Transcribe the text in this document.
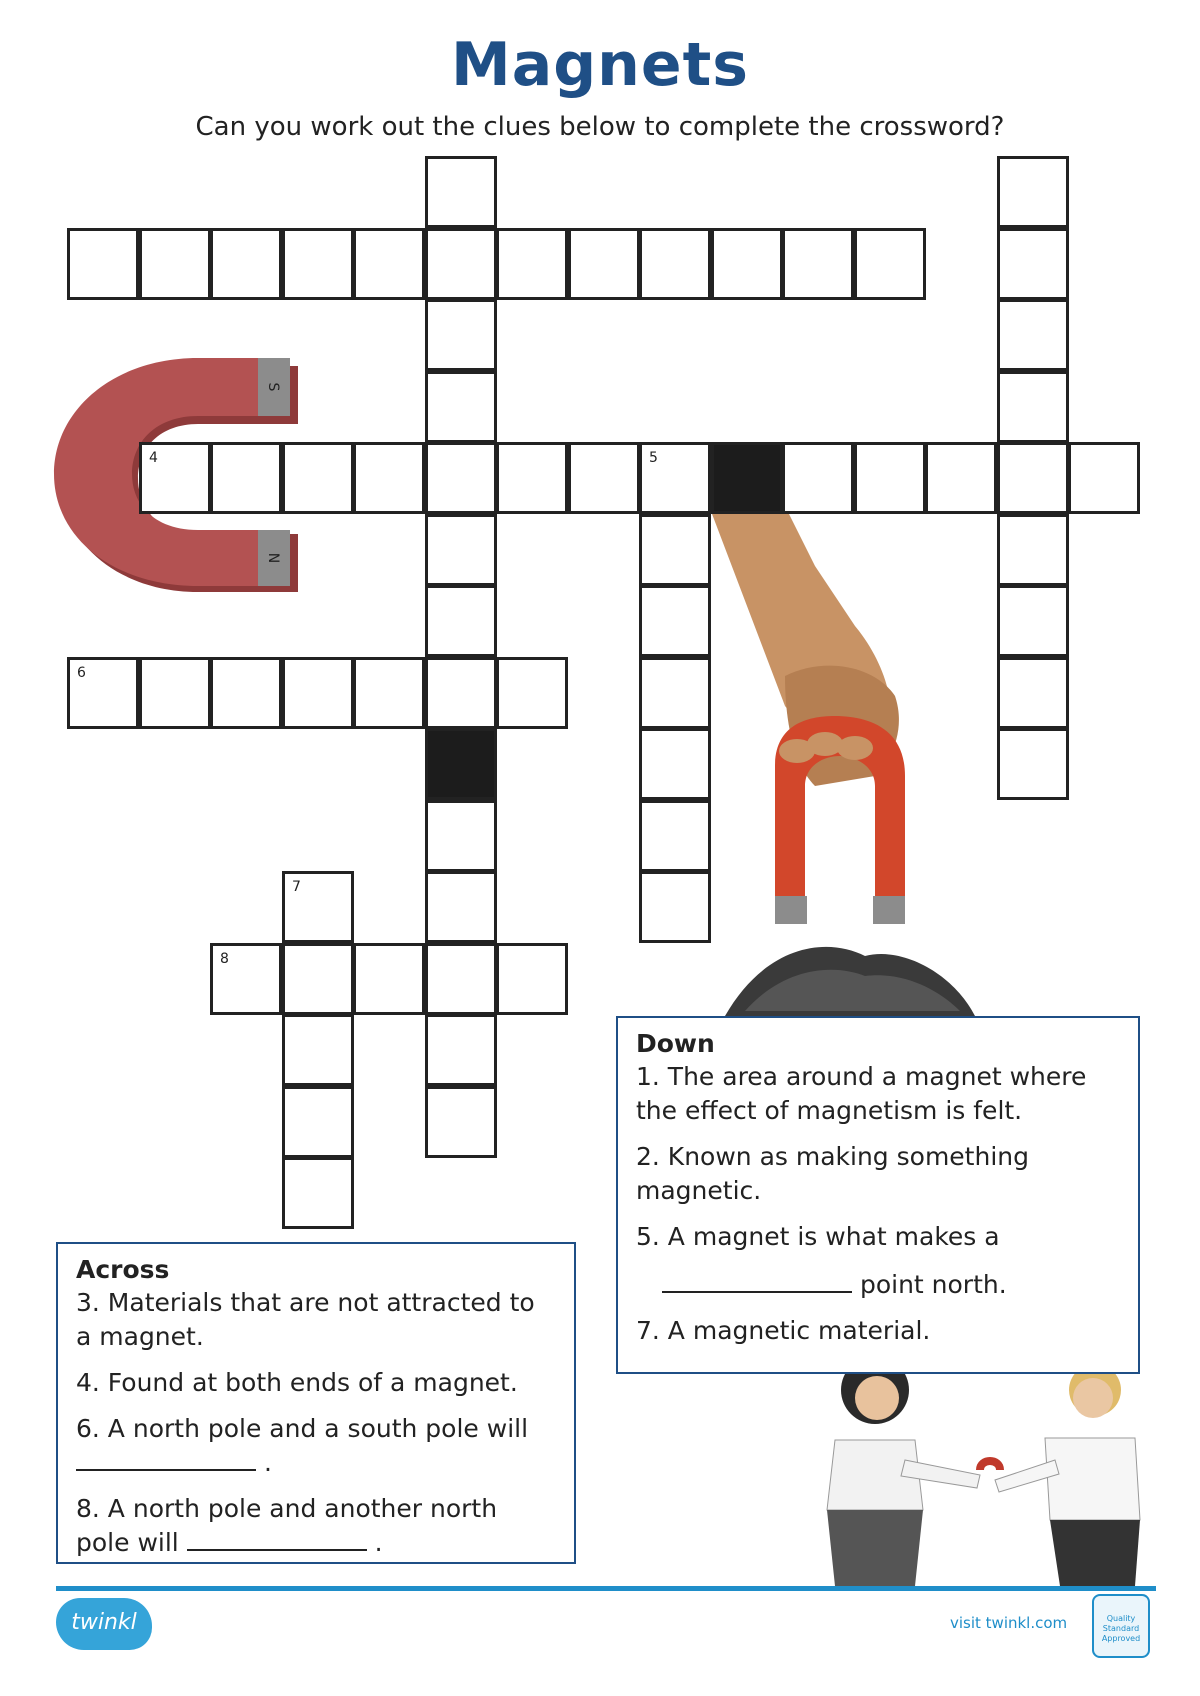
Magnets
Can you work out the clues below to complete the crossword?
S
N
4	5
6
8
7
Across
3. Materials that are not attracted to a magnet.
4. Found at both ends of a magnet.
6. A north pole and a south pole will  .
8. A north pole and another north pole will	.
Down
1. The area around a magnet where the effect of magnetism is felt.
2. Known as making something magnetic.
5. A magnet is what makes a
point north.
7. A magnetic material.
twinkl	visit twinkl.com	Quality Standard Approved
